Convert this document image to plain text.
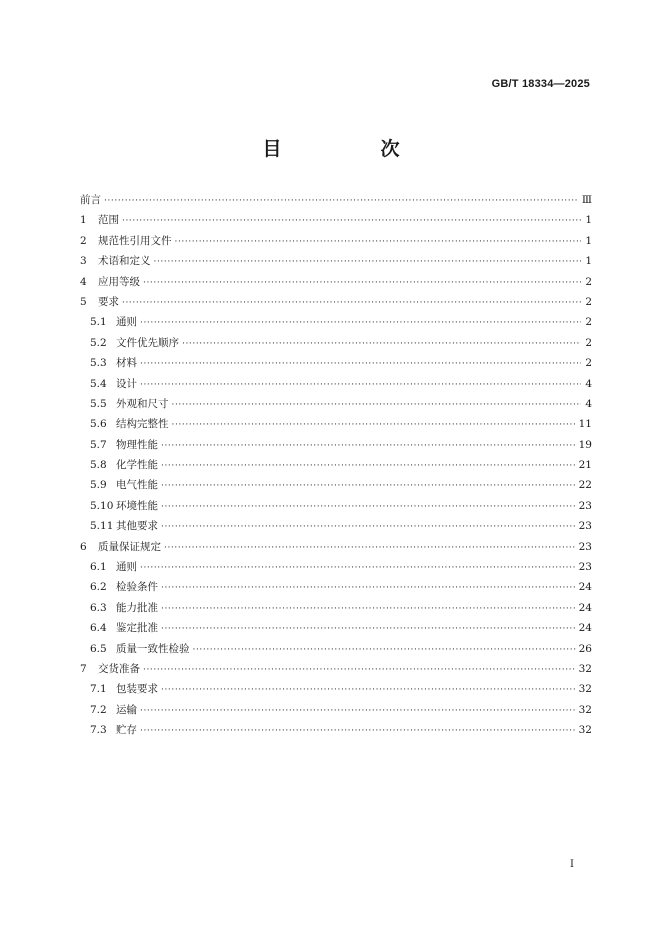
GB/T 18334—2025
目　次
前言 ·····	Ⅲ
1	范围 ·····	1
2	规范性引用文件 ·····	1
3	术语和定义 ·····	1
4	应用等级 ·····	2
5	要求 ·····	2
5.1 通则 ·····	2
5.2 文件优先顺序 ·····	2
5.3 材料 ·····	2
5.4 设计 ·····	4
5.5 外观和尺寸 ·····	4
5.6 结构完整性 ·····	11
5.7 物理性能 ·····	19
5.8 化学性能 ·····	21
5.9 电气性能 ·····	22
5.10 环境性能 ·····	23
5.11 其他要求 ·····	23
6	质量保证规定 ·····	23
6.1 通则 ·····	23
6.2 检验条件 ·····	24
6.3 能力批准 ·····	24
6.4 鉴定批准 ·····	24
6.5 质量一致性检验 ·····	26
7	交货准备 ·····	32
7.1 包装要求 ·····	32
7.2 运输 ·····	32
7.3 贮存 ·····	32
I
